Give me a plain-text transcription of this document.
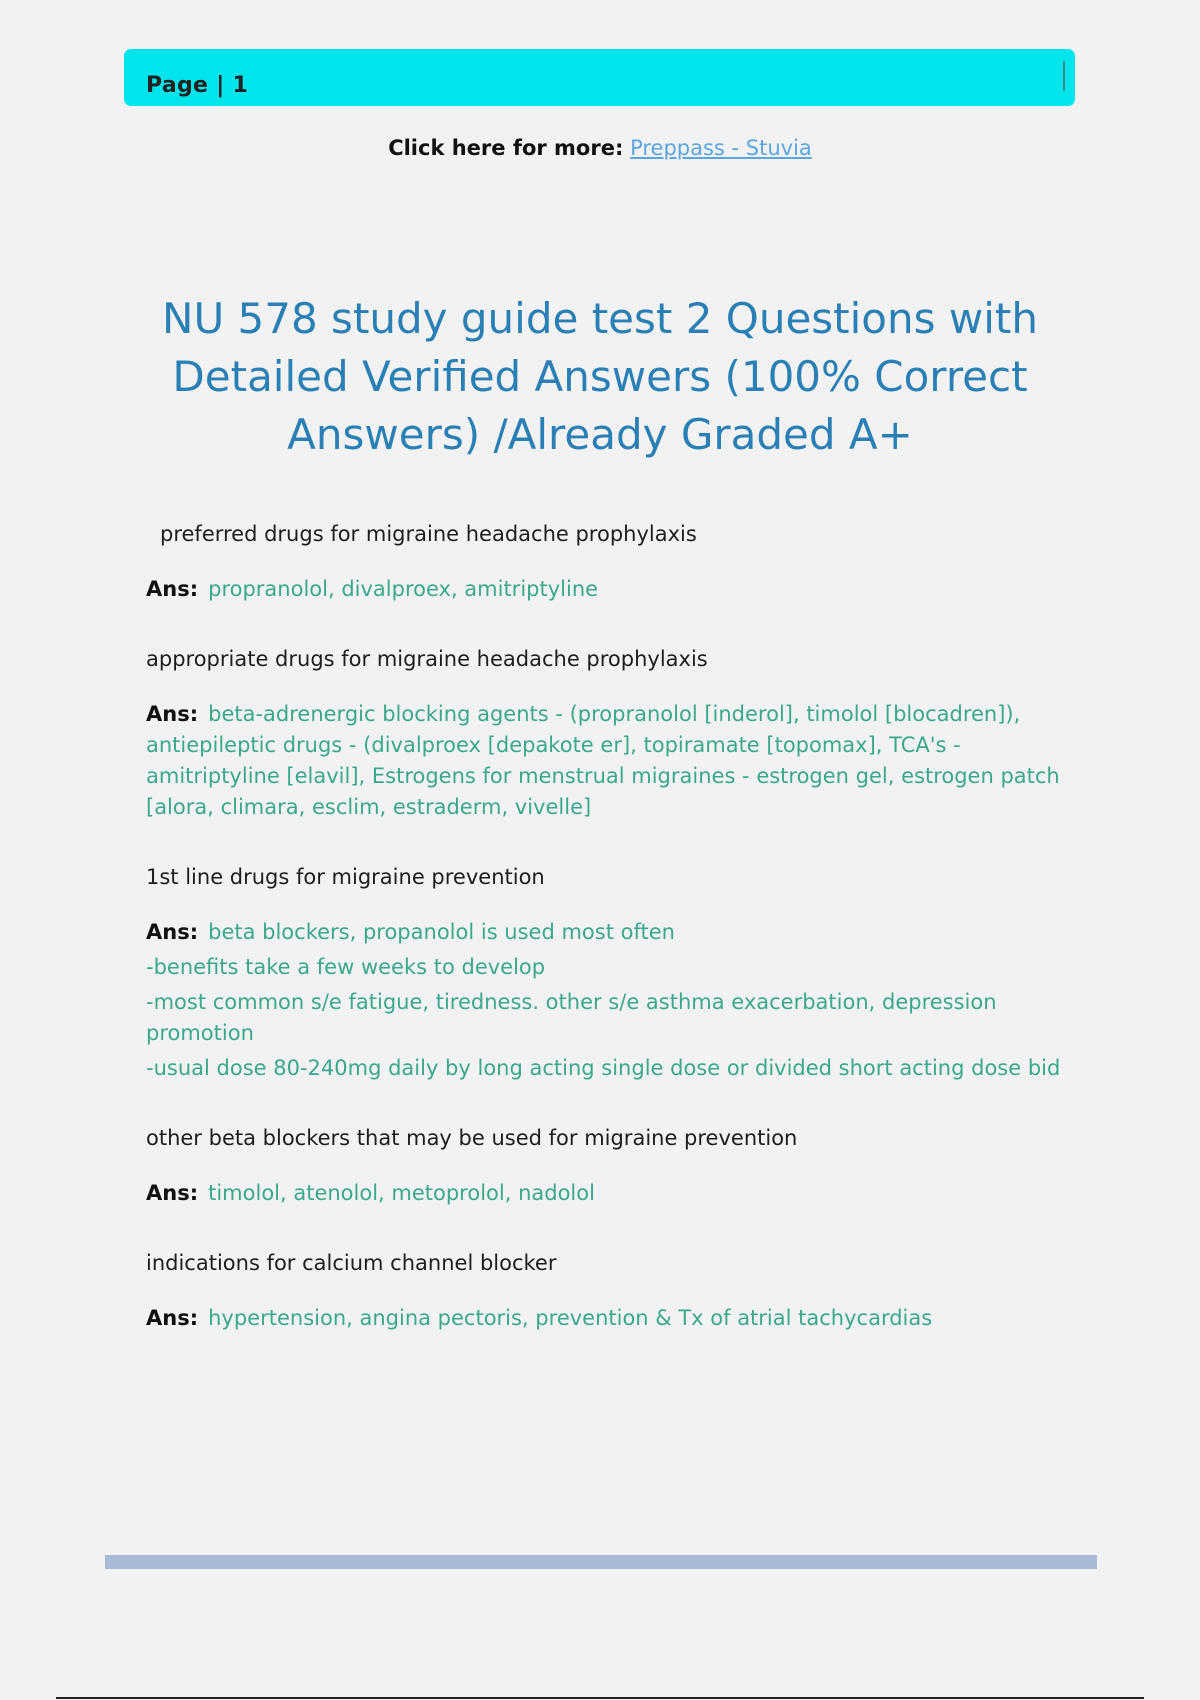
Page | 1
Click here for more: Preppass - Stuvia
NU 578 study guide test 2 Questions with Detailed Verified Answers (100% Correct Answers) /Already Graded A+

preferred drugs for migraine headache prophylaxis

Ans: propranolol, divalproex, amitriptyline

appropriate drugs for migraine headache prophylaxis

Ans: beta-adrenergic blocking agents - (propranolol [inderol], timolol [blocadren]), antiepileptic drugs - (divalproex [depakote er], topiramate [topomax], TCA's - amitriptyline [elavil], Estrogens for menstrual migraines - estrogen gel, estrogen patch [alora, climara, esclim, estraderm, vivelle]

1st line drugs for migraine prevention

Ans: beta blockers, propanolol is used most often
-benefits take a few weeks to develop
-most common s/e fatigue, tiredness. other s/e asthma exacerbation, depression promotion
-usual dose 80-240mg daily by long acting single dose or divided short acting dose bid

other beta blockers that may be used for migraine prevention

Ans: timolol, atenolol, metoprolol, nadolol

indications for calcium channel blocker

Ans: hypertension, angina pectoris, prevention & Tx of atrial tachycardias
